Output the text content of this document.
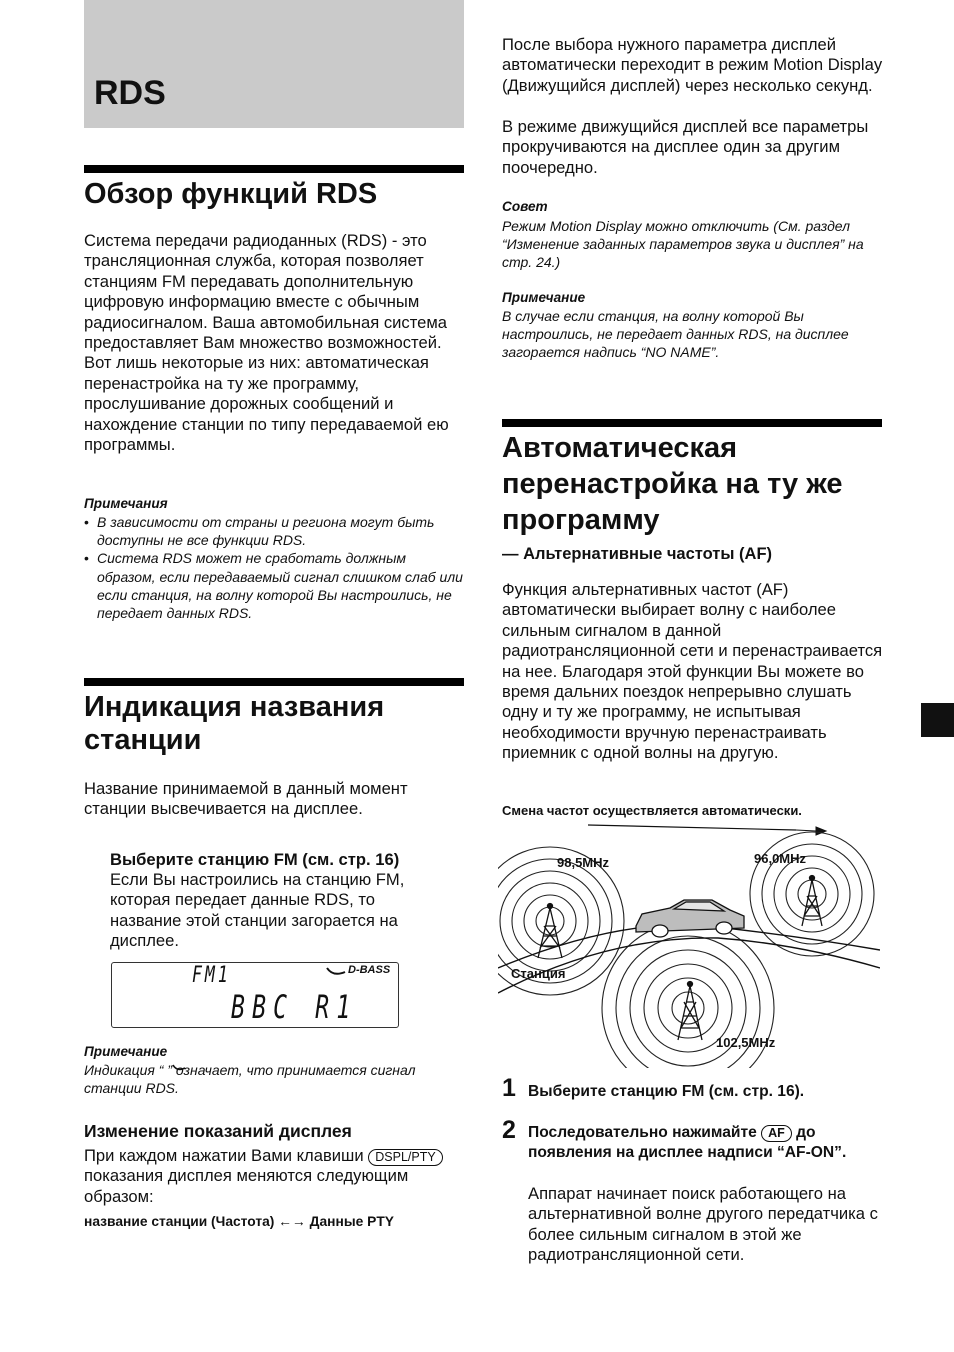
RDS
Обзор функций RDS

Система передачи радиоданных (RDS) - это трансляционная служба, которая позволяет станциям FM передавать дополнительную цифровую информацию вместе с обычным радиосигналом. Ваша автомобильная система предоставляет Вам множество возможностей. Вот лишь некоторые из них: автоматическая перенастройка на ту же программу, прослушивание дорожных сообщений и нахождение станции по типу передаваемой ею программы.

Примечания

• В зависимости от страны и региона могут быть доступны не все функции RDS.
• Система RDS может не сработать должным образом, если передаваемый сигнал слишком слаб или если станция, на волну которой Вы настроились, не передает данных RDS.
Индикация названия станции

Название принимаемой в данный момент станции высвечивается на дисплее.

Выберите станцию FM (см. стр. 16)

Если Вы настроились на станцию FM, которая передает данные RDS, то название этой станции загорается на дисплее.

FM1
BBC R1
D-BASS

Примечание

Индикация “ ” означает, что принимается сигнал станции RDS.

Изменение показаний дисплея

При каждом нажатии Вами клавиши DSPL/PTY показания дисплея меняются следующим образом:
название станции (Частота) ←→ Данные PTY

После выбора нужного параметра дисплей автоматически переходит в режим Motion Display (Движущийся дисплей) через несколько секунд.

В режиме движущийся дисплей все параметры прокручиваются на дисплее один за другим поочередно.

Совет

Режим Motion Display можно отключить (См. раздел “Изменение заданных параметров звука и дисплея” на стр. 24.)

Примечание

В случае если станция, на волну которой Вы настроились, не передает данных RDS, на дисплее загорается надпись “NO NAME”.

Автоматическая перенастройка на ту же программу

— Альтернативные частоты (AF)

Функция альтернативных частот (AF) автоматически выбирает волну с наиболее сильным сигналом в данной радиотрансляционной сети и перенастраивается на нее. Благодаря этой функции Вы можете во время дальних поездок непрерывно слушать одну и ту же программу, не испытывая необходимости вручную перенастраивать приемник с одной волны на другую.

Смена частот осуществляется автоматически.

98,5MHz	96,0MHz
Станция
102,5MHz
1 Выберите станцию FM (см. стр. 16).

2 Последовательно нажимайте AF до появления на дисплее надписи “AF-ON”.

Аппарат начинает поиск работающего на альтернативной волне другого передатчика с более сильным сигналом в этой же радиотрансляционной сети.
